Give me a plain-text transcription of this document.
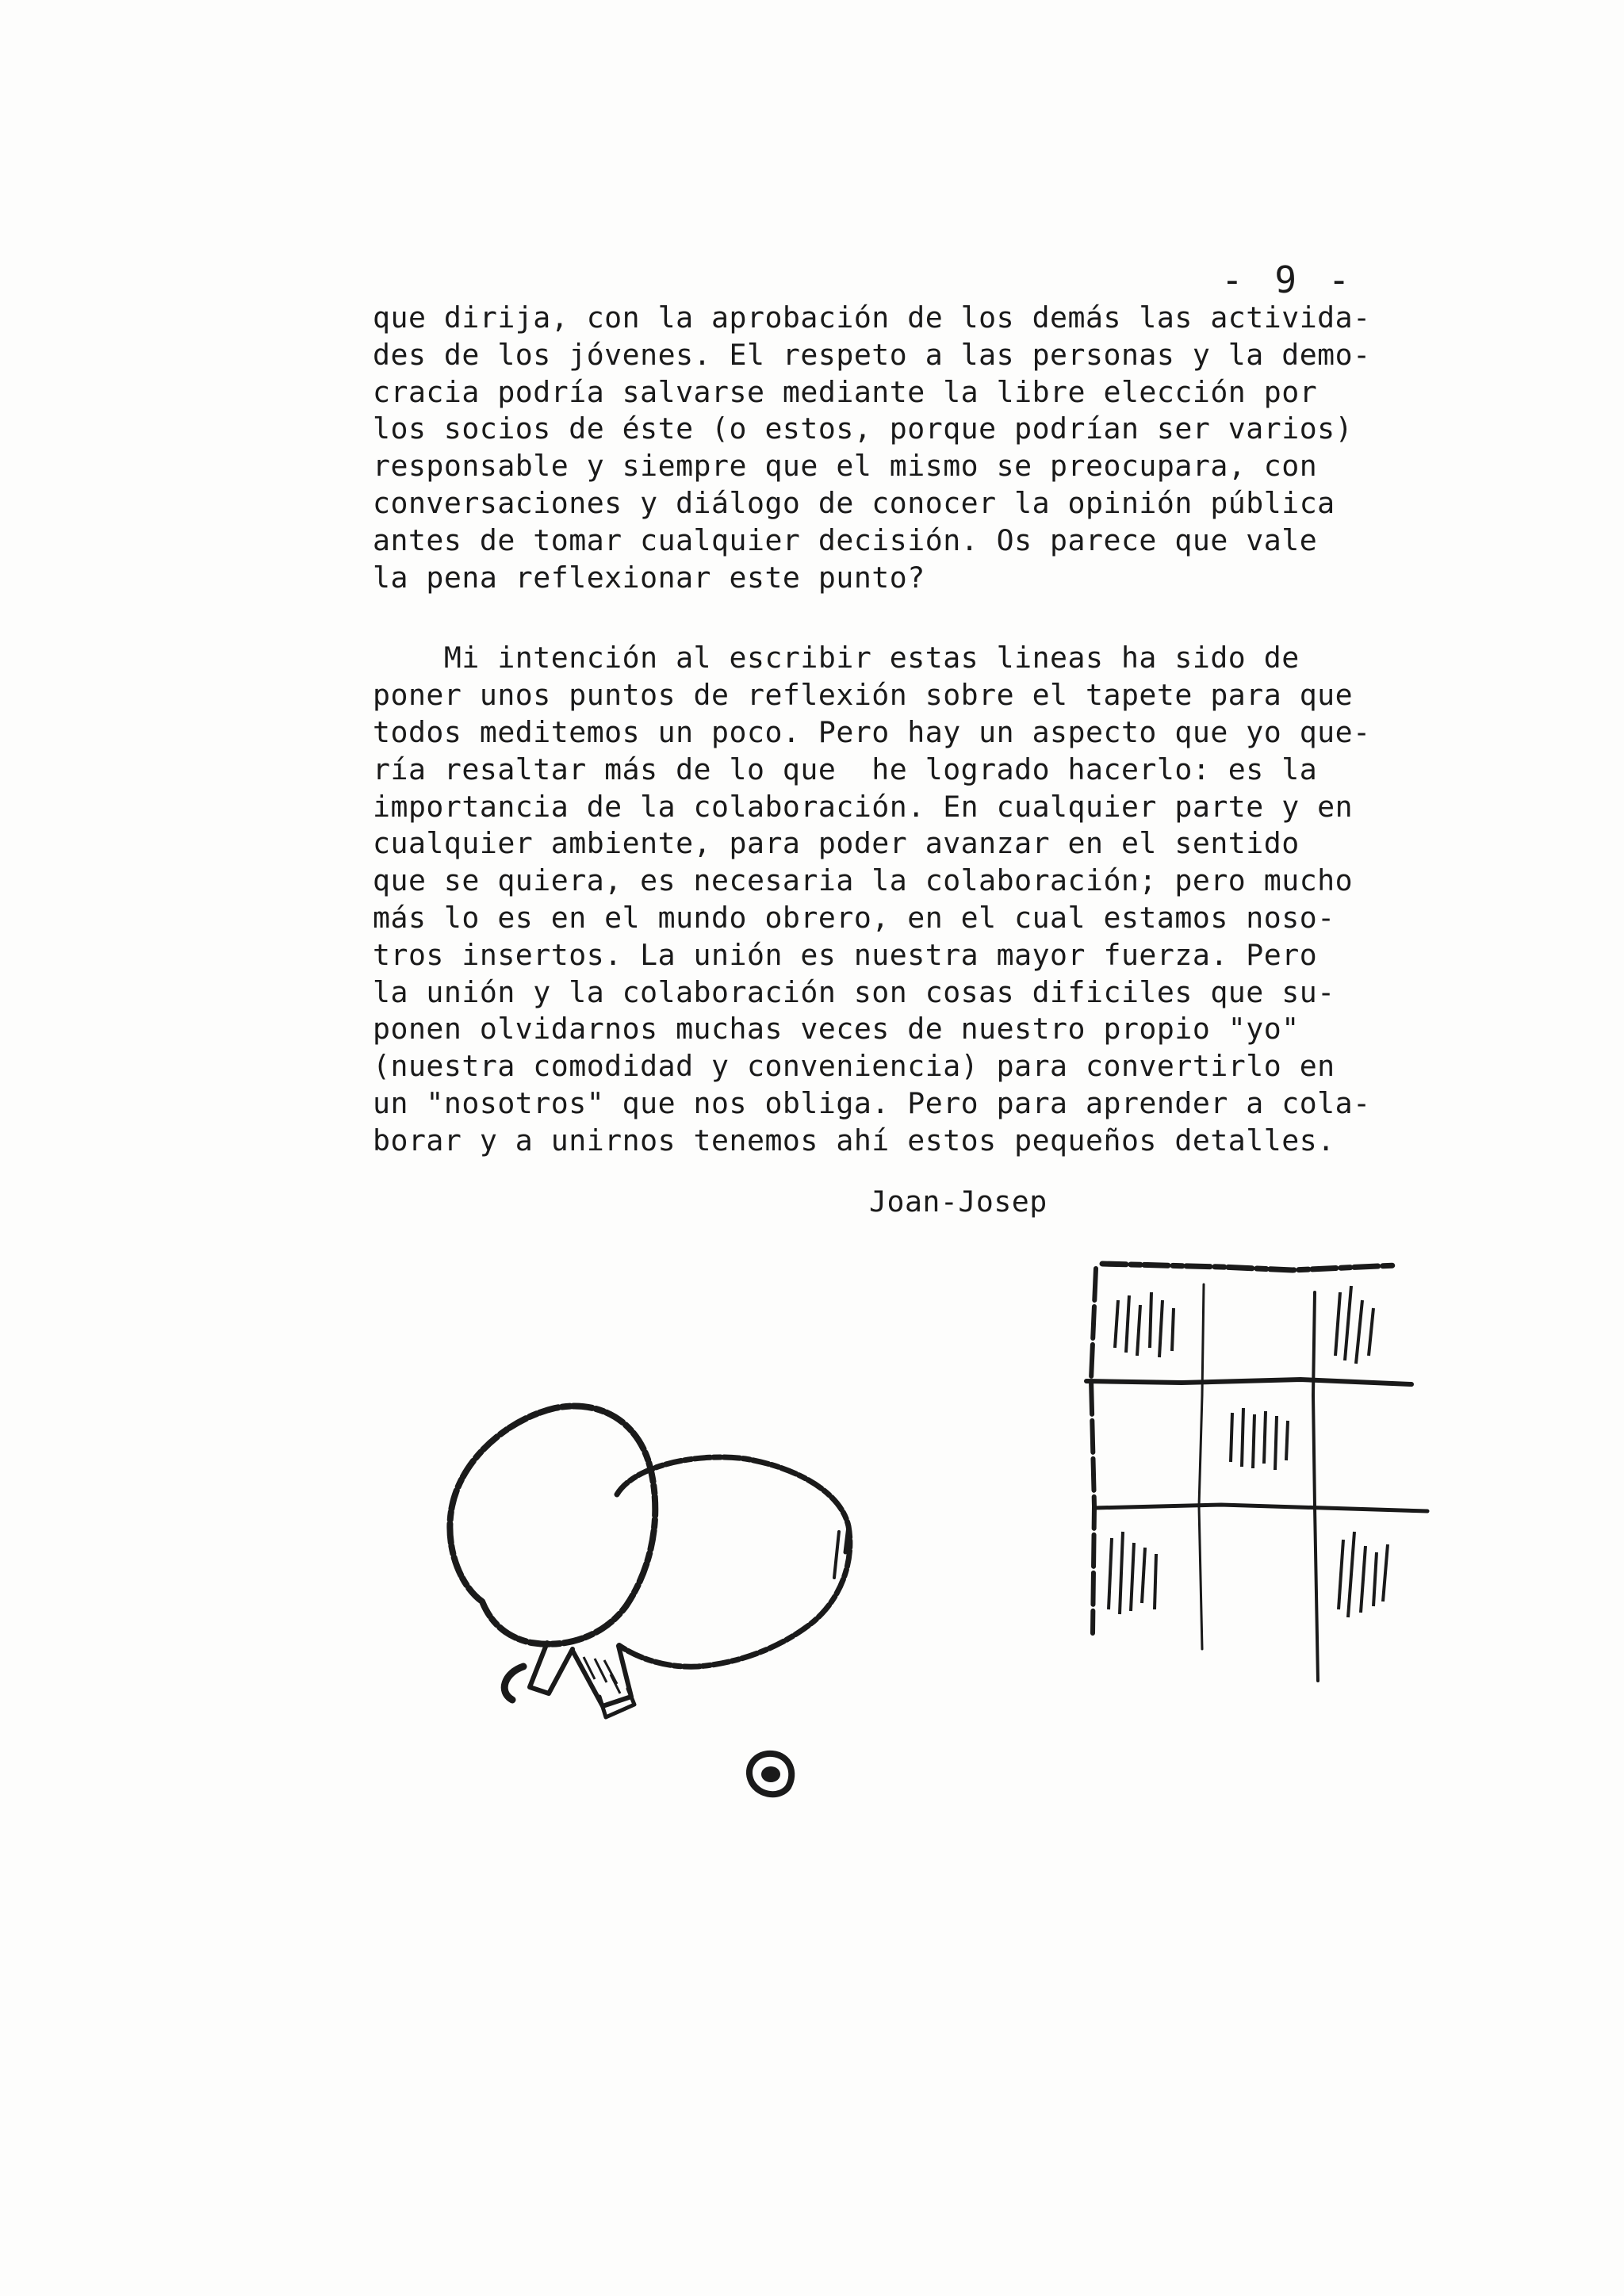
- 9 -
que dirija, con la aprobación de los demás las activida-
des de los jóvenes. El respeto a las personas y la demo-
cracia podría salvarse mediante la libre elección por
los socios de éste (o estos, porque podrían ser varios)
responsable y siempre que el mismo se preocupara, con
conversaciones y diálogo de conocer la opinión pública
antes de tomar cualquier decisión. Os parece que vale
la pena reflexionar este punto?
Mi intención al escribir estas lineas ha sido de
poner unos puntos de reflexión sobre el tapete para que
todos meditemos un poco. Pero hay un aspecto que yo que-
ría resaltar más de lo que  he logrado hacerlo: es la
importancia de la colaboración. En cualquier parte y en
cualquier ambiente, para poder avanzar en el sentido
que se quiera, es necesaria la colaboración; pero mucho
más lo es en el mundo obrero, en el cual estamos noso-
tros insertos. La unión es nuestra mayor fuerza. Pero
la unión y la colaboración son cosas dificiles que su-
ponen olvidarnos muchas veces de nuestro propio "yo"
(nuestra comodidad y conveniencia) para convertirlo en
un "nosotros" que nos obliga. Pero para aprender a cola-
borar y a unirnos tenemos ahí estos pequeños detalles.
Joan-Josep
